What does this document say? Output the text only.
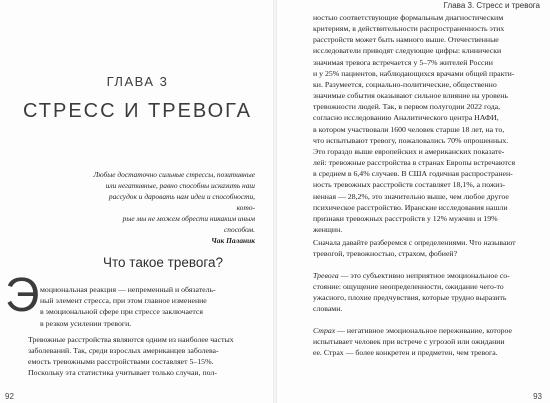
92

Глава 3. Стресс и тревога

93

ГЛАВА 3
СТРЕСС И ТРЕВОГА

Любые достаточно сильные стрессы, позитивные
или негативные, равно способны исказить наш
рассудок и даровать нам идеи и способности, кото-
рые мы не можем обрести никаким иным способом.

Чак Паланик

Что такое тревога?
Э моциональная реакция — непременный и обязатель-
ный элемент стресса, при этом главное изменение
в эмоциональной сфере при стрессе заключается
в резком усилении тревоги.

Тревожные расстройства являются одним из наиболее частых
заболеваний. Так, среди взрослых американцев заболева-
емость тревожными расстройствами составляет 5–15%.
Поскольку эта статистика учитывает только случаи, пол-

ностью соответствующие формальным диагностическим
критериям, в действительности распространенность этих
расстройств может быть намного выше. Отечественные
исследователи приводят следующие цифры: клинически
значимая тревога встречается у 5–7% жителей России
и у 25% пациентов, наблюдающихся врачами общей практи-
ки. Разумеется, социально-политические, общественно
значимые события оказывают сильное влияние на уровень
тревожности людей. Так, в первом полугодии 2022 года,
согласно исследованию Аналитического центра НАФИ,
в котором участвовали 1600 человек старше 18 лет, на то,
что испытывают тревогу, пожаловались 70% опрошенных.
Это гораздо выше европейских и американских показате-
лей: тревожные расстройства в странах Европы встречаются
в среднем в 6,4% случаев. В США годичная распространен-
ность тревожных расстройств составляет 18,1%, а пожиз-
ненная — 28,2%, это значительно выше, чем любое другое
психическое расстройство. Иранские исследования нашли
признаки тревожных расстройств у 12% мужчин и 19%
женщин.

Сначала давайте разберемся с определениями. Что называют
тревогой, тревожностью, страхом, фобией?

Тревога — это субъективно неприятное эмоциональное со-
стояние: ощущение неопределенности, ожидание чего-то
ужасного, плохие предчувствия, которые трудно выразить
словами.

Страх — негативное эмоциональное переживание, которое
испытывает человек при встрече с угрозой или ожидании
ее. Страх — более конкретен и предметен, чем тревога.
